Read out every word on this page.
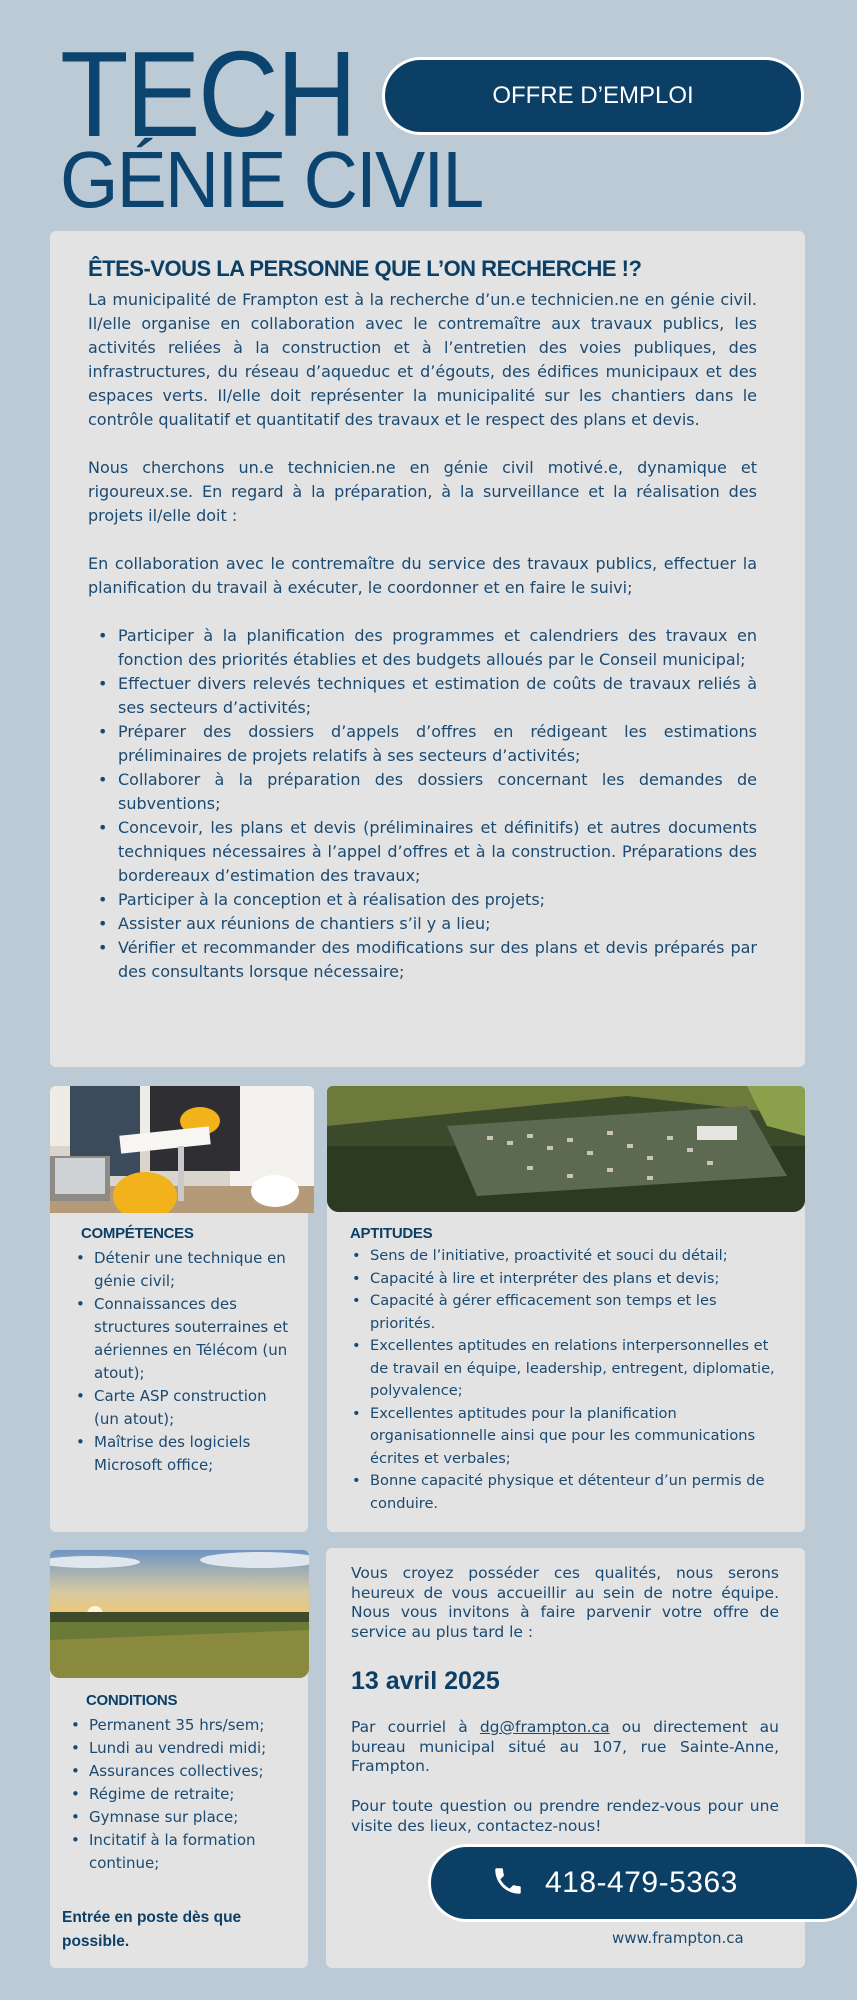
TECH
GÉNIE CIVIL
OFFRE D’EMPLOI
ÊTES-VOUS LA PERSONNE QUE L’ON RECHERCHE !?

La municipalité de Frampton est à la recherche d’un.e technicien.ne en génie civil. Il/elle organise en collaboration avec le contremaître aux travaux publics, les activités reliées à la construction et à l’entretien des voies publiques, des infrastructures, du réseau d’aqueduc et d’égouts, des édifices municipaux et des espaces verts. Il/elle doit représenter la municipalité sur les chantiers dans le contrôle qualitatif et quantitatif des travaux et le respect des plans et devis.

Nous cherchons un.e technicien.ne en génie civil motivé.e, dynamique et rigoureux.se. En regard à la préparation, à la surveillance et la réalisation des projets il/elle doit :

En collaboration avec le contremaître du service des travaux publics, effectuer la planification du travail à exécuter, le coordonner et en faire le suivi;

• Participer à la planification des programmes et calendriers des travaux en fonction des priorités établies et des budgets alloués par le Conseil municipal;
• Effectuer divers relevés techniques et estimation de coûts de travaux reliés à ses secteurs d’activités;
• Préparer des dossiers d’appels d’offres en rédigeant les estimations préliminaires de projets relatifs à ses secteurs d’activités;
• Collaborer à la préparation des dossiers concernant les demandes de subventions;
• Concevoir, les plans et devis (préliminaires et définitifs) et autres documents techniques nécessaires à l’appel d’offres et à la construction. Préparations des bordereaux d’estimation des travaux;
• Participer à la conception et à réalisation des projets;
• Assister aux réunions de chantiers s’il y a lieu;
• Vérifier et recommander des modifications sur des plans et devis préparés par des consultants lorsque nécessaire;
COMPÉTENCES
• Détenir une technique en génie civil;
• Connaissances des structures souterraines et aériennes en Télécom (un atout);
• Carte ASP construction (un atout);
• Maîtrise des logiciels Microsoft office;
APTITUDES
• Sens de l’initiative, proactivité et souci du détail;
• Capacité à lire et interpréter des plans et devis;
• Capacité à gérer efficacement son temps et les priorités.
• Excellentes aptitudes en relations interpersonnelles et de travail en équipe, leadership, entregent, diplomatie, polyvalence;
• Excellentes aptitudes pour la planification organisationnelle ainsi que pour les communications écrites et verbales;
• Bonne capacité physique et détenteur d’un permis de conduire.
CONDITIONS
• Permanent 35 hrs/sem;
• Lundi au vendredi midi;
• Assurances collectives;
• Régime de retraite;
• Gymnase sur place;
• Incitatif à la formation continue;
Entrée en poste dès que possible.
Vous croyez posséder ces qualités, nous serons heureux de vous accueillir au sein de notre équipe. Nous vous invitons à faire parvenir votre offre de service au plus tard le :
13 avril 2025
Par courriel à dg@frampton.ca ou directement au bureau municipal situé au 107, rue Sainte-Anne, Frampton.
Pour toute question ou prendre rendez-vous pour une visite des lieux, contactez-nous!
418-479-5363
www.frampton.ca
